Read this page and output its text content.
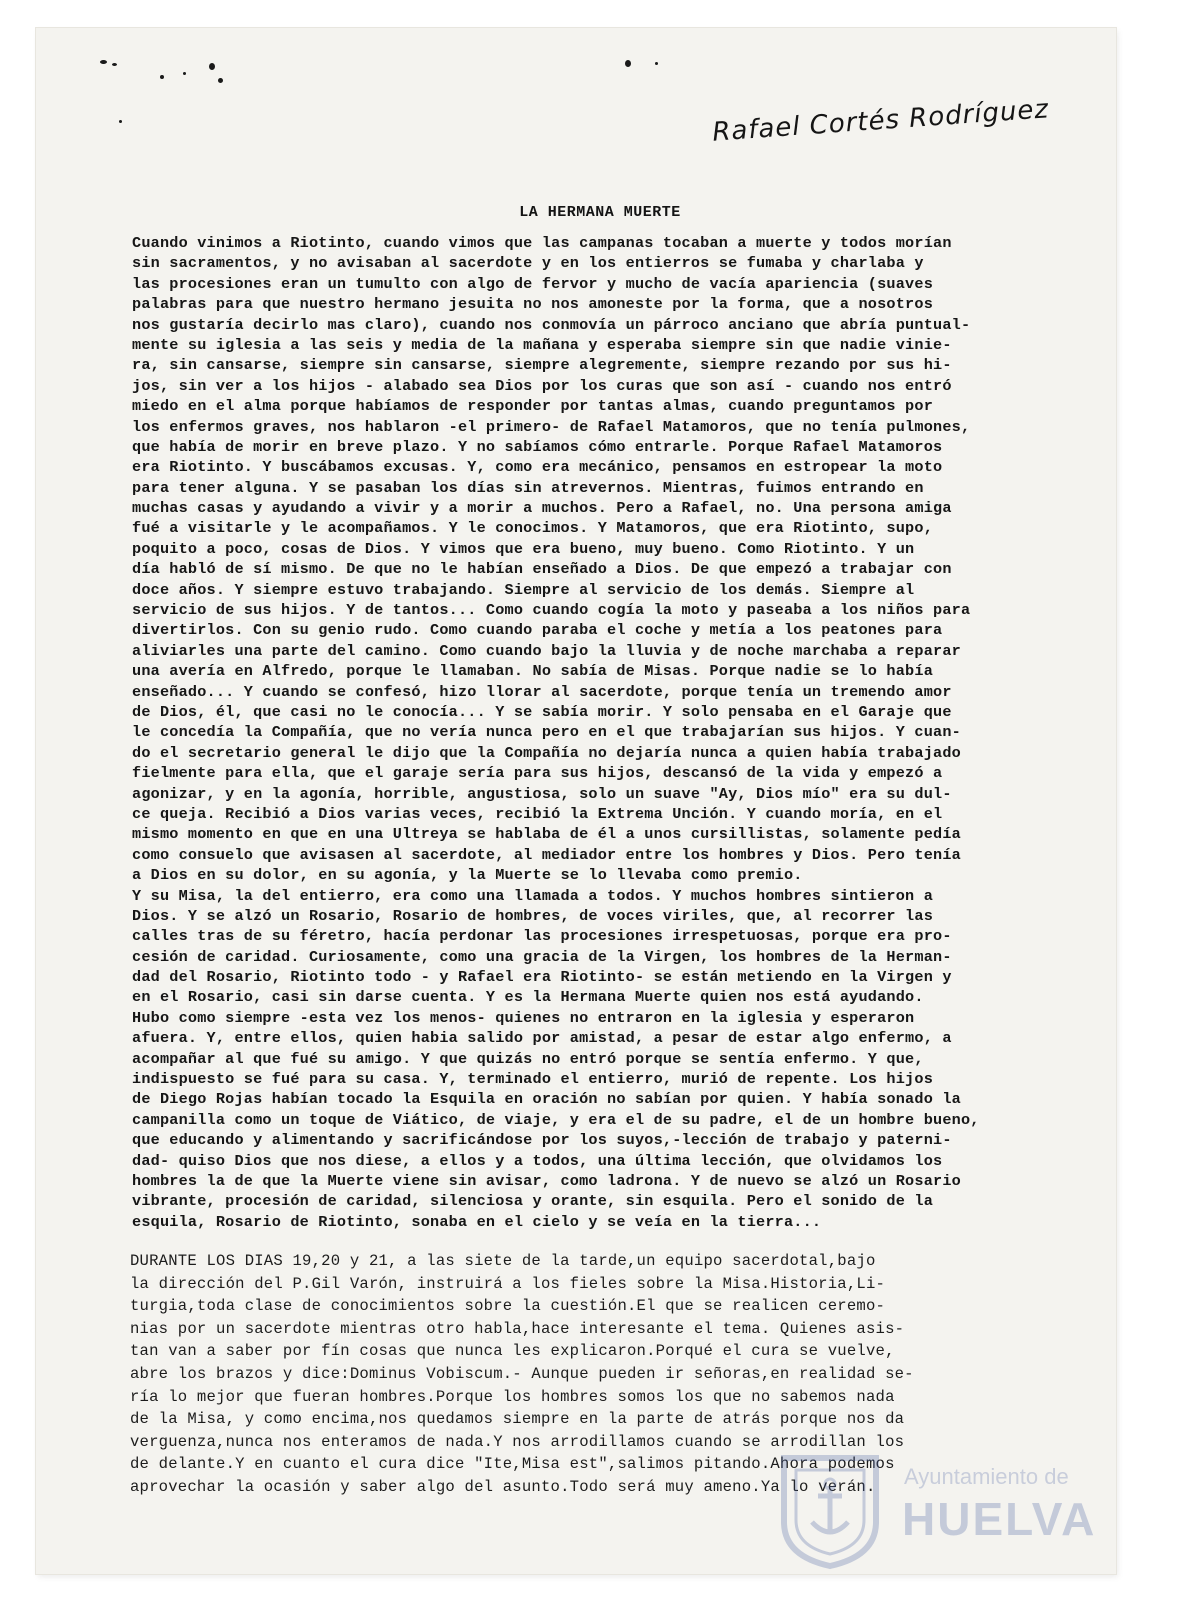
Rafael Cortés Rodríguez
LA HERMANA MUERTE
Cuando vinimos a Riotinto, cuando vimos que las campanas tocaban a muerte y todos morían
sin sacramentos, y no avisaban al sacerdote y en los entierros se fumaba y charlaba y
las procesiones eran un tumulto con algo de fervor y mucho de vacía apariencia (suaves
palabras para que nuestro hermano jesuita no nos amoneste por la forma, que a nosotros
nos gustaría decirlo mas claro), cuando nos conmovía un párroco anciano que abría puntual-
mente su iglesia a las seis y media de la mañana y esperaba siempre sin que nadie vinie-
ra, sin cansarse, siempre sin cansarse, siempre alegremente, siempre rezando por sus hi-
jos, sin ver a los hijos - alabado sea Dios por los curas que son así - cuando nos entró
miedo en el alma porque habíamos de responder por tantas almas, cuando preguntamos por
los enfermos graves, nos hablaron -el primero- de Rafael Matamoros, que no tenía pulmones,
que había de morir en breve plazo. Y no sabíamos cómo entrarle. Porque Rafael Matamoros
era Riotinto. Y buscábamos excusas. Y, como era mecánico, pensamos en estropear la moto
para tener alguna. Y se pasaban los días sin atrevernos. Mientras, fuimos entrando en
muchas casas y ayudando a vivir y a morir a muchos. Pero a Rafael, no. Una persona amiga
fué a visitarle y le acompañamos. Y le conocimos. Y Matamoros, que era Riotinto, supo,
poquito a poco, cosas de Dios. Y vimos que era bueno, muy bueno. Como Riotinto. Y un
día habló de sí mismo. De que no le habían enseñado a Dios. De que empezó a trabajar con
doce años. Y siempre estuvo trabajando. Siempre al servicio de los demás. Siempre al
servicio de sus hijos. Y de tantos... Como cuando cogía la moto y paseaba a los niños para
divertirlos. Con su genio rudo. Como cuando paraba el coche y metía a los peatones para
aliviarles una parte del camino. Como cuando bajo la lluvia y de noche marchaba a reparar
una avería en Alfredo, porque le llamaban. No sabía de Misas. Porque nadie se lo había
enseñado... Y cuando se confesó, hizo llorar al sacerdote, porque tenía un tremendo amor
de Dios, él, que casi no le conocía... Y se sabía morir. Y solo pensaba en el Garaje que
le concedía la Compañía, que no vería nunca pero en el que trabajarían sus hijos. Y cuan-
do el secretario general le dijo que la Compañía no dejaría nunca a quien había trabajado
fielmente para ella, que el garaje sería para sus hijos, descansó de la vida y empezó a
agonizar, y en la agonía, horrible, angustiosa, solo un suave "Ay, Dios mío" era su dul-
ce queja. Recibió a Dios varias veces, recibió la Extrema Unción. Y cuando moría, en el
mismo momento en que en una Ultreya se hablaba de él a unos cursillistas, solamente pedía
como consuelo que avisasen al sacerdote, al mediador entre los hombres y Dios. Pero tenía
a Dios en su dolor, en su agonía, y la Muerte se lo llevaba como premio.
Y su Misa, la del entierro, era como una llamada a todos. Y muchos hombres sintieron a
Dios. Y se alzó un Rosario, Rosario de hombres, de voces viriles, que, al recorrer las
calles tras de su féretro, hacía perdonar las procesiones irrespetuosas, porque era pro-
cesión de caridad. Curiosamente, como una gracia de la Virgen, los hombres de la Herman-
dad del Rosario, Riotinto todo - y Rafael era Riotinto- se están metiendo en la Virgen y
en el Rosario, casi sin darse cuenta. Y es la Hermana Muerte quien nos está ayudando.
Hubo como siempre -esta vez los menos- quienes no entraron en la iglesia y esperaron
afuera. Y, entre ellos, quien habia salido por amistad, a pesar de estar algo enfermo, a
acompañar al que fué su amigo. Y que quizás no entró porque se sentía enfermo. Y que,
indispuesto se fué para su casa. Y, terminado el entierro, murió de repente. Los hijos
de Diego Rojas habían tocado la Esquila en oración no sabían por quien. Y había sonado la
campanilla como un toque de Viático, de viaje, y era el de su padre, el de un hombre bueno,
que educando y alimentando y sacrificándose por los suyos,-lección de trabajo y paterni-
dad- quiso Dios que nos diese, a ellos y a todos, una última lección, que olvidamos los
hombres la de que la Muerte viene sin avisar, como ladrona. Y de nuevo se alzó un Rosario
vibrante, procesión de caridad, silenciosa y orante, sin esquila. Pero el sonido de la
esquila, Rosario de Riotinto, sonaba en el cielo y se veía en la tierra...
DURANTE LOS DIAS 19,20 y 21, a las siete de la tarde,un equipo sacerdotal,bajo
la dirección del P.Gil Varón, instruirá a los fieles sobre la Misa.Historia,Li-
turgia,toda clase de conocimientos sobre la cuestión.El que se realicen ceremo-
nias por un sacerdote mientras otro habla,hace interesante el tema. Quienes asis-
tan van a saber por fín cosas que nunca les explicaron.Porqué el cura se vuelve,
abre los brazos y dice:Dominus Vobiscum.- Aunque pueden ir señoras,en realidad se-
ría lo mejor que fueran hombres.Porque los hombres somos los que no sabemos nada
de la Misa, y como encima,nos quedamos siempre en la parte de atrás porque nos da
verguenza,nunca nos enteramos de nada.Y nos arrodillamos cuando se arrodillan los
de delante.Y en cuanto el cura dice "Ite,Misa est",salimos pitando.Ahora podemos
aprovechar la ocasión y saber algo del asunto.Todo será muy ameno.Ya lo verán.	Ayuntamiento de
HUELVA
